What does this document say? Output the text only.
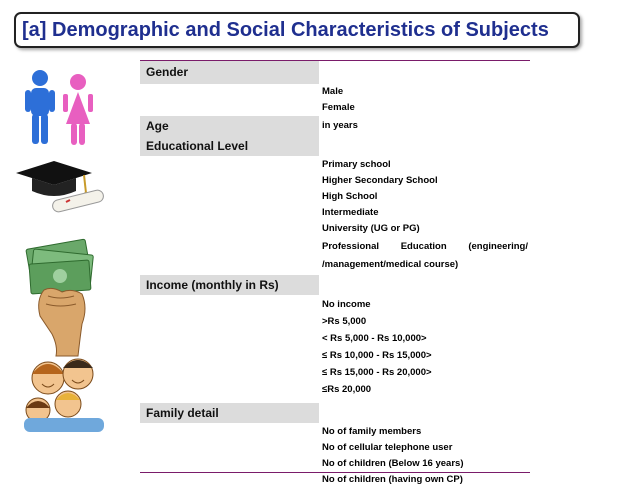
[a] Demographic and Social Characteristics of Subjects
Gender
Male
Female
Age	in years
Educational Level
Primary school
Higher Secondary School
High School
Intermediate
University (UG or PG)
Professional Education (engineering/
/management/medical course)
Income (monthly in Rs)
No income
>Rs 5,000
< Rs 5,000 - Rs 10,000>
≤ Rs 10,000 - Rs 15,000>
≤ Rs 15,000 - Rs 20,000>
≤Rs 20,000
Family detail
No of family members
No of cellular telephone user
No of children (Below 16 years)
No of children (having own CP)
